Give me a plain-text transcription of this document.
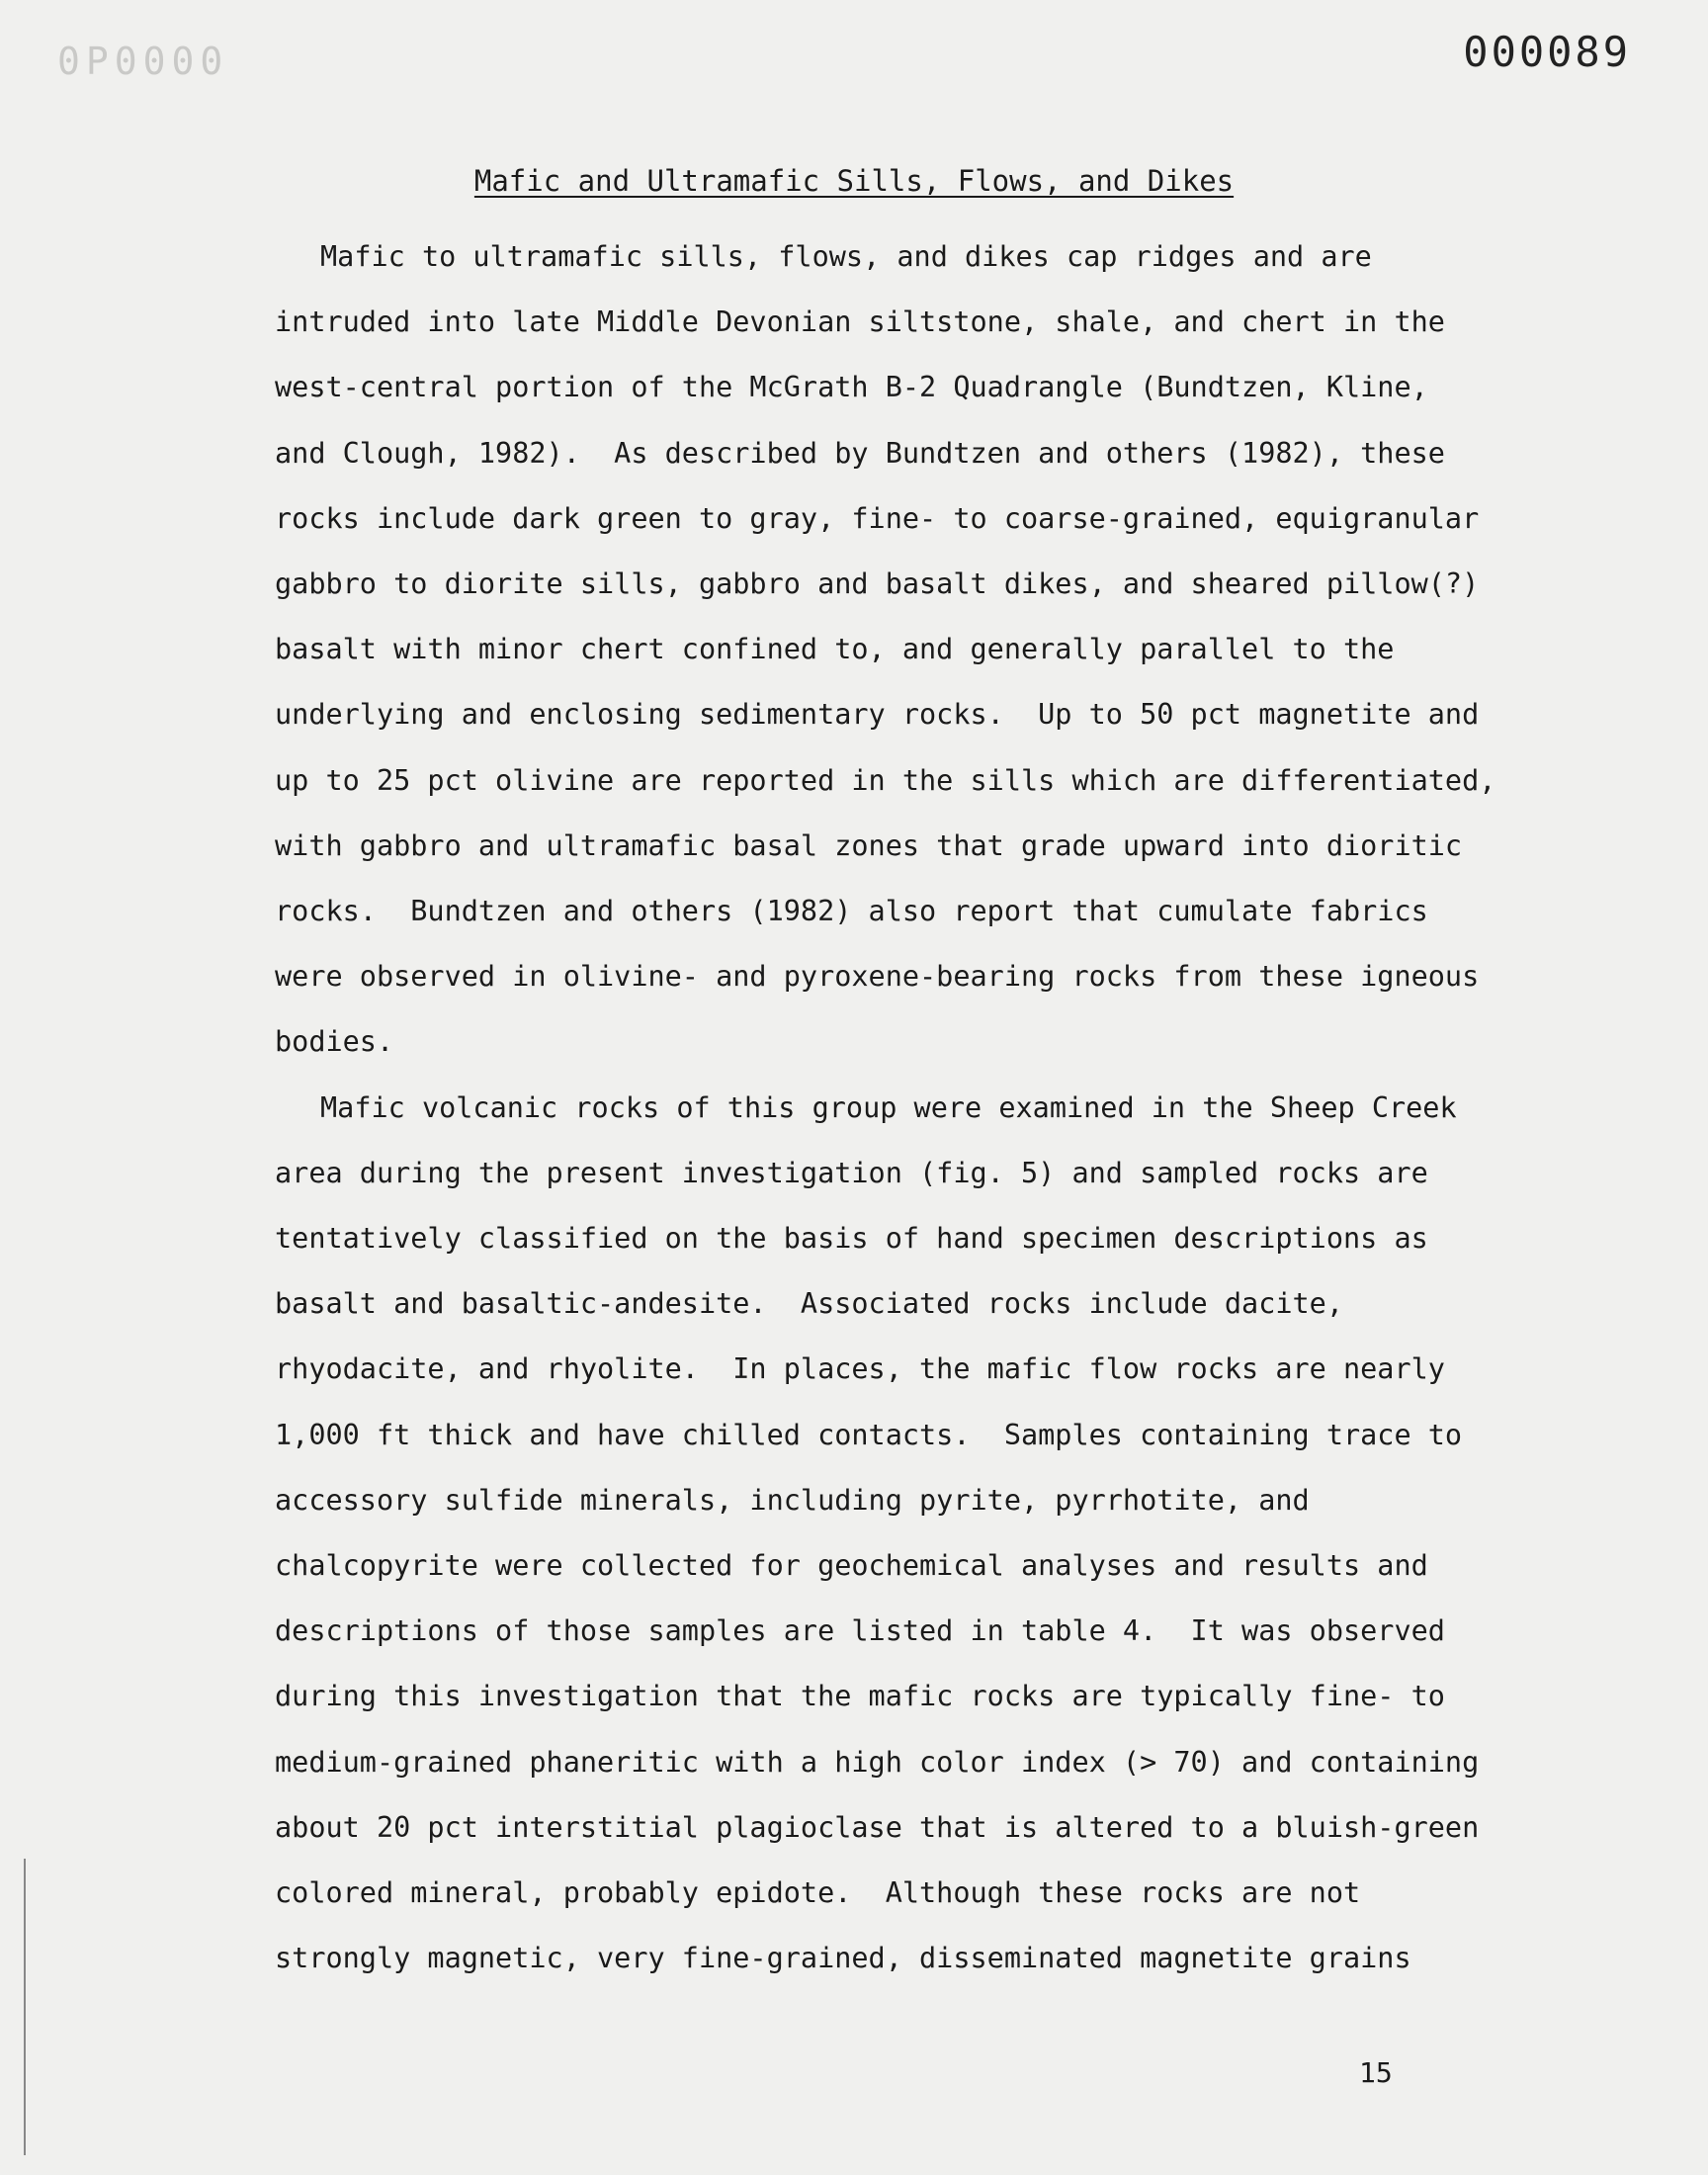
0P0000	000089
Mafic and Ultramafic Sills, Flows, and Dikes
Mafic to ultramafic sills, flows, and dikes cap ridges and are
intruded into late Middle Devonian siltstone, shale, and chert in the
west-central portion of the McGrath B-2 Quadrangle (Bundtzen, Kline,
and Clough, 1982).  As described by Bundtzen and others (1982), these
rocks include dark green to gray, fine- to coarse-grained, equigranular
gabbro to diorite sills, gabbro and basalt dikes, and sheared pillow(?)
basalt with minor chert confined to, and generally parallel to the
underlying and enclosing sedimentary rocks.  Up to 50 pct magnetite and
up to 25 pct olivine are reported in the sills which are differentiated,
with gabbro and ultramafic basal zones that grade upward into dioritic
rocks.  Bundtzen and others (1982) also report that cumulate fabrics
were observed in olivine- and pyroxene-bearing rocks from these igneous
bodies.
Mafic volcanic rocks of this group were examined in the Sheep Creek
area during the present investigation (fig. 5) and sampled rocks are
tentatively classified on the basis of hand specimen descriptions as
basalt and basaltic-andesite.  Associated rocks include dacite,
rhyodacite, and rhyolite.  In places, the mafic flow rocks are nearly
1,000 ft thick and have chilled contacts.  Samples containing trace to
accessory sulfide minerals, including pyrite, pyrrhotite, and
chalcopyrite were collected for geochemical analyses and results and
descriptions of those samples are listed in table 4.  It was observed
during this investigation that the mafic rocks are typically fine- to
medium-grained phaneritic with a high color index (> 70) and containing
about 20 pct interstitial plagioclase that is altered to a bluish-green
colored mineral, probably epidote.  Although these rocks are not
strongly magnetic, very fine-grained, disseminated magnetite grains
15
